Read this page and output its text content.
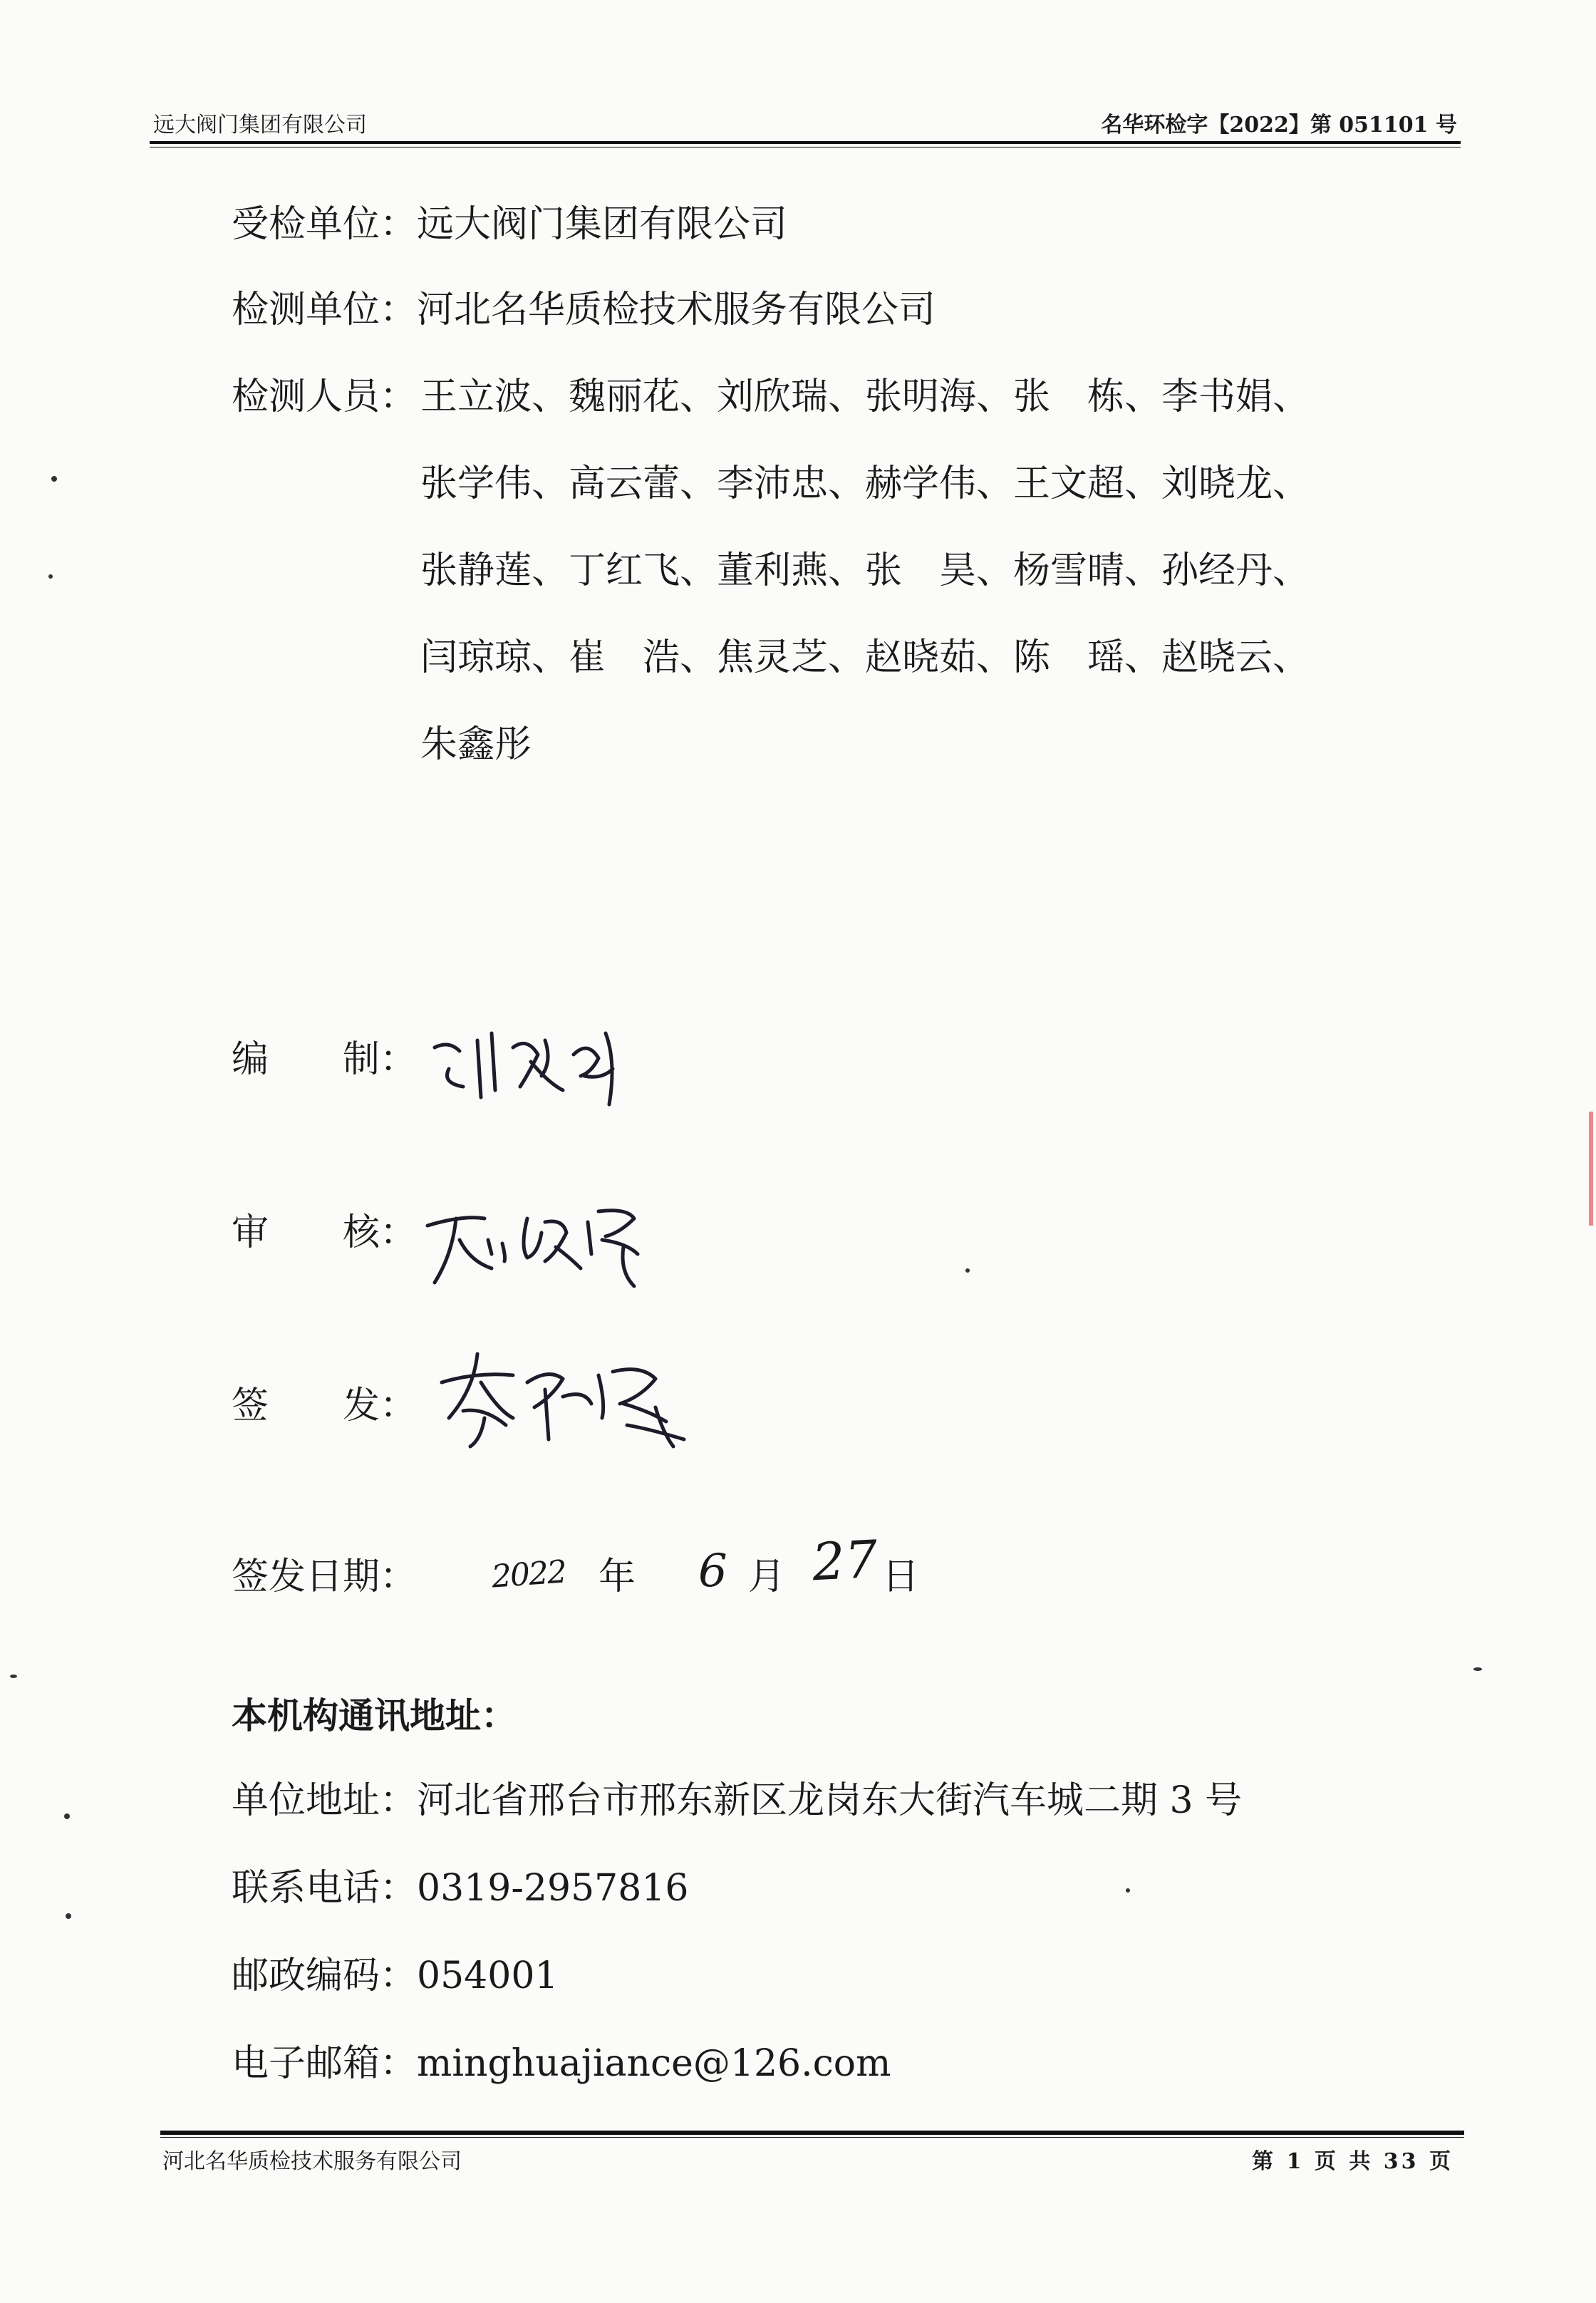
远大阀门集团有限公司	名华环检字【2022】第 051101 号
受检单位：远大阀门集团有限公司
检测单位：河北名华质检技术服务有限公司
检测人员： 王立波、魏丽花、刘欣瑞、张明海、张　栋、李书娟、
张学伟、高云蕾、李沛忠、赫学伟、王文超、刘晓龙、
张静莲、丁红飞、董利燕、张　昊、杨雪晴、孙经丹、
闫琼琼、崔　浩、焦灵芝、赵晓茹、陈　瑶、赵晓云、
朱鑫彤
编　　制：
审　　核：
签　　发：
签发日期： 2022 年 6 月 27 日
本机构通讯地址：
单位地址：河北省邢台市邢东新区龙岗东大街汽车城二期 3 号
联系电话：0319-2957816
邮政编码：054001
电子邮箱：minghuajiance@126.com
河北名华质检技术服务有限公司	第 1 页 共 33 页
